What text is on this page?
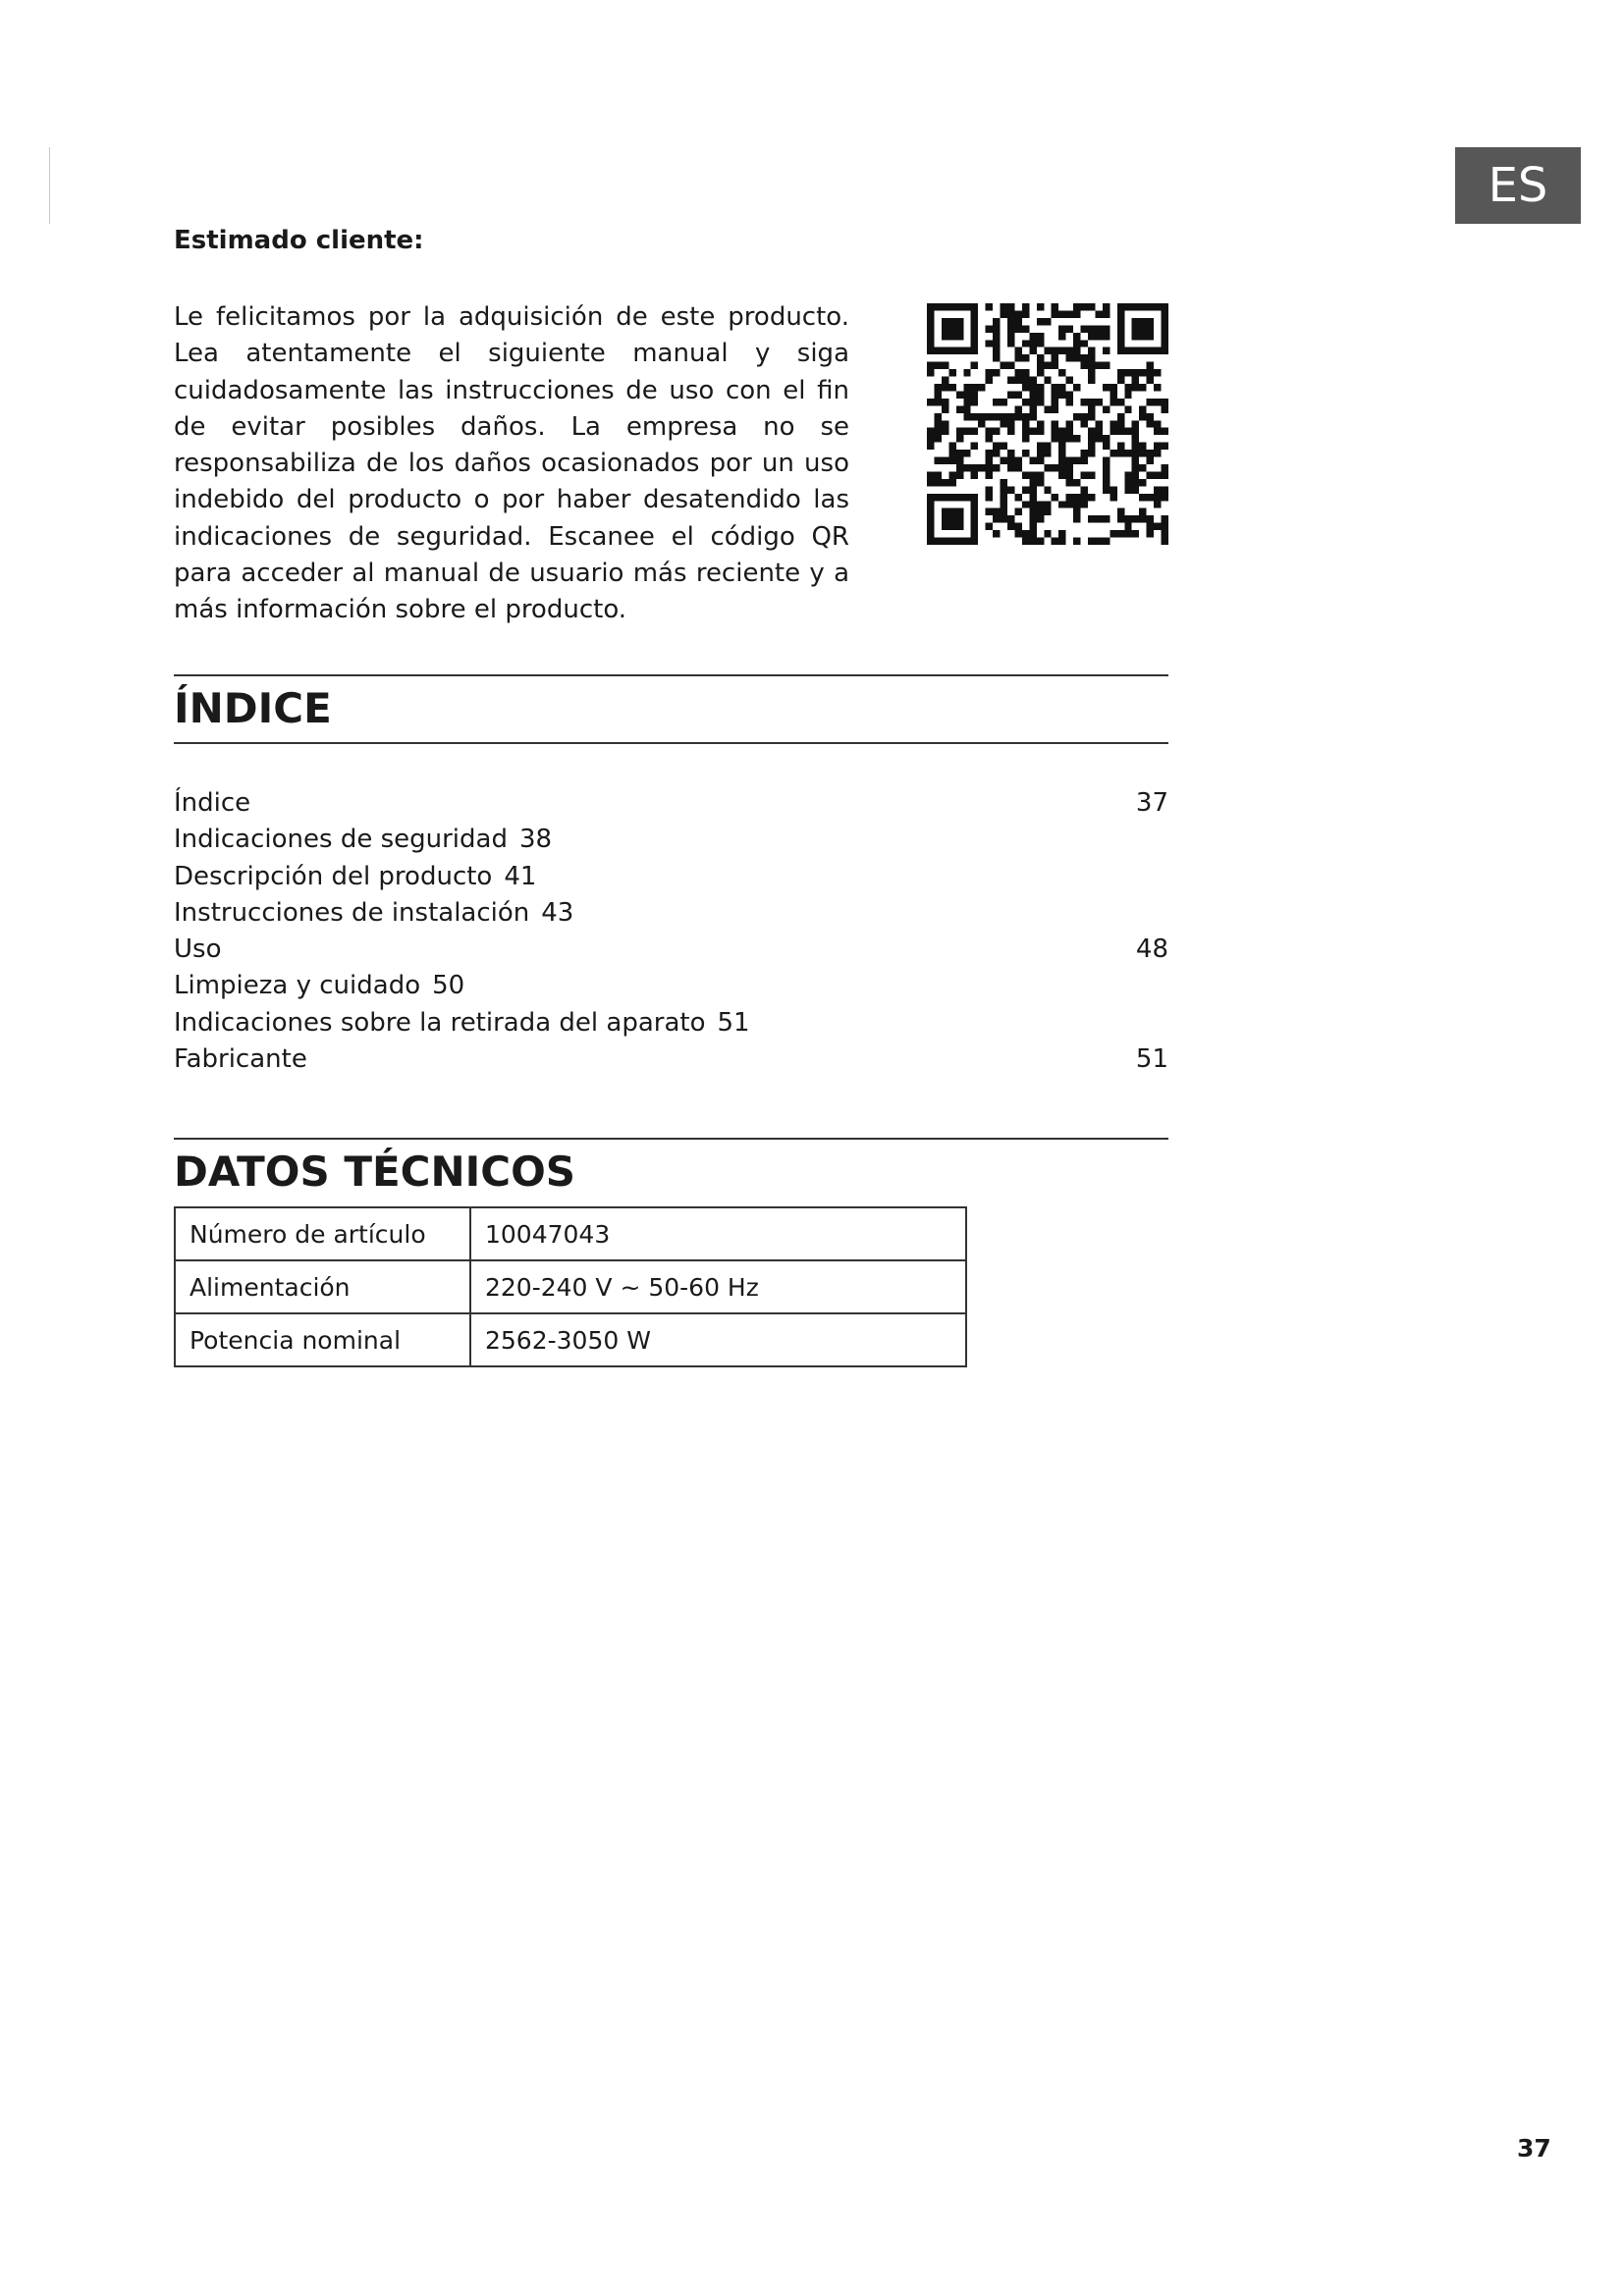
ES
Estimado cliente:

Le felicitamos por la adquisición de este producto. Lea atentamente el siguiente manual y siga cuidadosamente las instrucciones de uso con el fin de evitar posibles daños. La empresa no se responsabiliza de los daños ocasionados por un uso indebido del producto o por haber desatendido las indicaciones de seguridad. Escanee el código QR para acceder al manual de usuario más reciente y a más información sobre el producto.

ÍNDICE
Índice	37
Indicaciones de seguridad 38
Descripción del producto 41
Instrucciones de instalación 43
Uso	48
Limpieza y cuidado 50
Indicaciones sobre la retirada del aparato 51
Fabricante	51
DATOS TÉCNICOS
Número de artículo	10047043
Alimentación	220-240 V ~ 50-60 Hz
Potencia nominal	2562-3050 W
37
